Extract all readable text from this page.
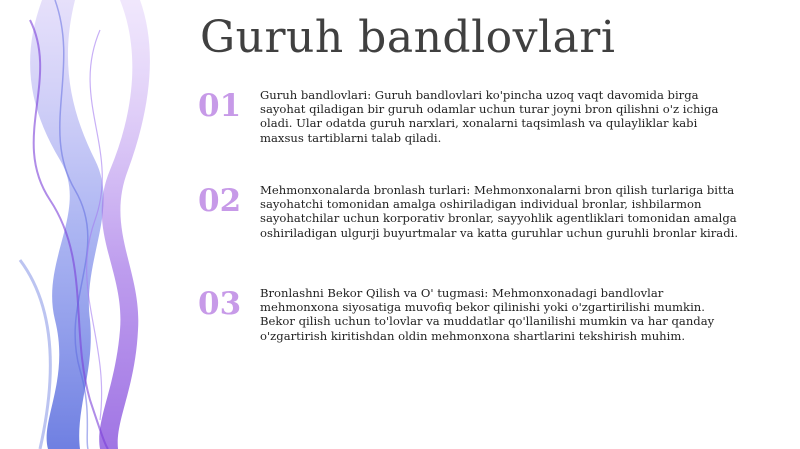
Guruh bandlovlari
01 Guruh bandlovlari: Guruh bandlovlari ko'pincha uzoq vaqt davomida birga sayohat qiladigan bir guruh odamlar uchun turar joyni bron qilishni o'z ichiga oladi. Ular odatda guruh narxlari, xonalarni taqsimlash va qulayliklar kabi maxsus tartiblarni talab qiladi.
02 Mehmonxonalarda bronlash turlari: Mehmonxonalarni bron qilish turlariga bitta sayohatchi tomonidan amalga oshiriladigan individual bronlar, ishbilarmon sayohatchilar uchun korporativ bronlar, sayyohlik agentliklari tomonidan amalga oshiriladigan ulgurji buyurtmalar va katta guruhlar uchun guruhli bronlar kiradi.
03 Bronlashni Bekor Qilish va O' tugmasi: Mehmonxonadagi bandlovlar mehmonxona siyosatiga muvofiq bekor qilinishi yoki o'zgartirilishi mumkin. Bekor qilish uchun to'lovlar va muddatlar qo'llanilishi mumkin va har qanday o'zgartirish kiritishdan oldin mehmonxona shartlarini tekshirish muhim.
